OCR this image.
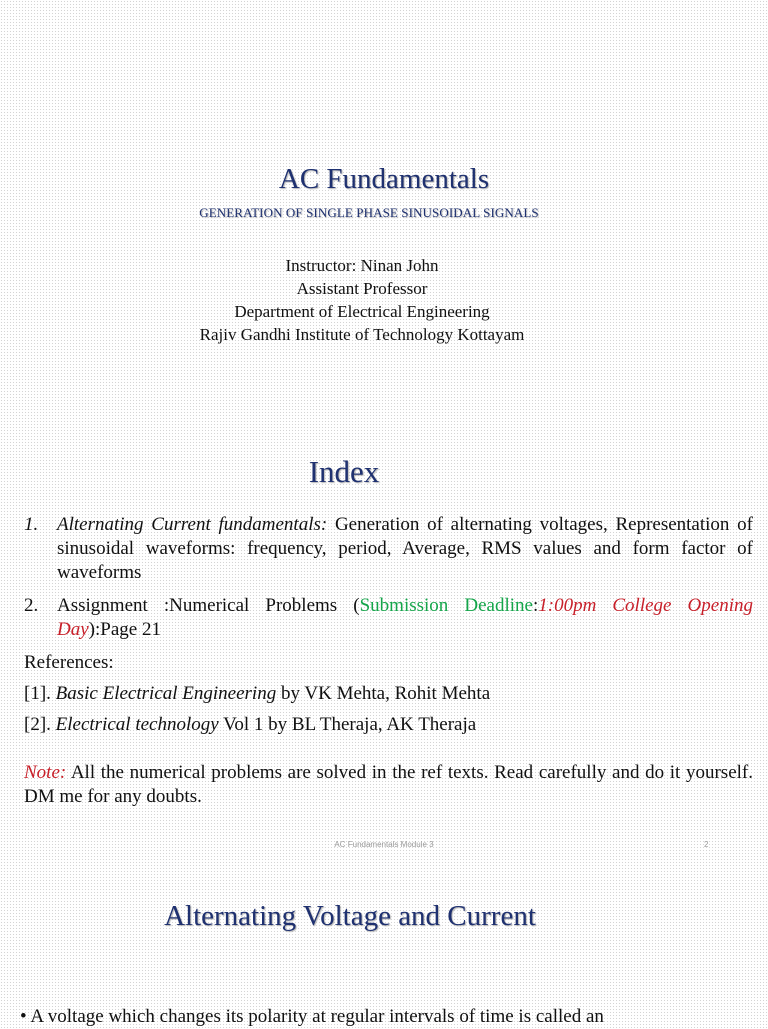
AC Fundamentals
GENERATION OF SINGLE PHASE SINUSOIDAL SIGNALS
Instructor: Ninan John
Assistant Professor
Department of Electrical Engineering
Rajiv Gandhi Institute of Technology Kottayam
Index
1. Alternating Current fundamentals: Generation of alternating voltages, Representation of sinusoidal waveforms: frequency, period, Average, RMS values and form factor of waveforms
2. Assignment :Numerical Problems (Submission Deadline:1:00pm College Opening Day):Page 21
References:
[1]. Basic Electrical Engineering by VK Mehta, Rohit Mehta
[2]. Electrical technology Vol 1 by BL Theraja, AK Theraja
Note: All the numerical problems are solved in the ref texts. Read carefully and do it yourself. DM me for any doubts.
AC Fundamentals Module 3	2
Alternating Voltage and Current
• A voltage which changes its polarity at regular intervals of time is called an
